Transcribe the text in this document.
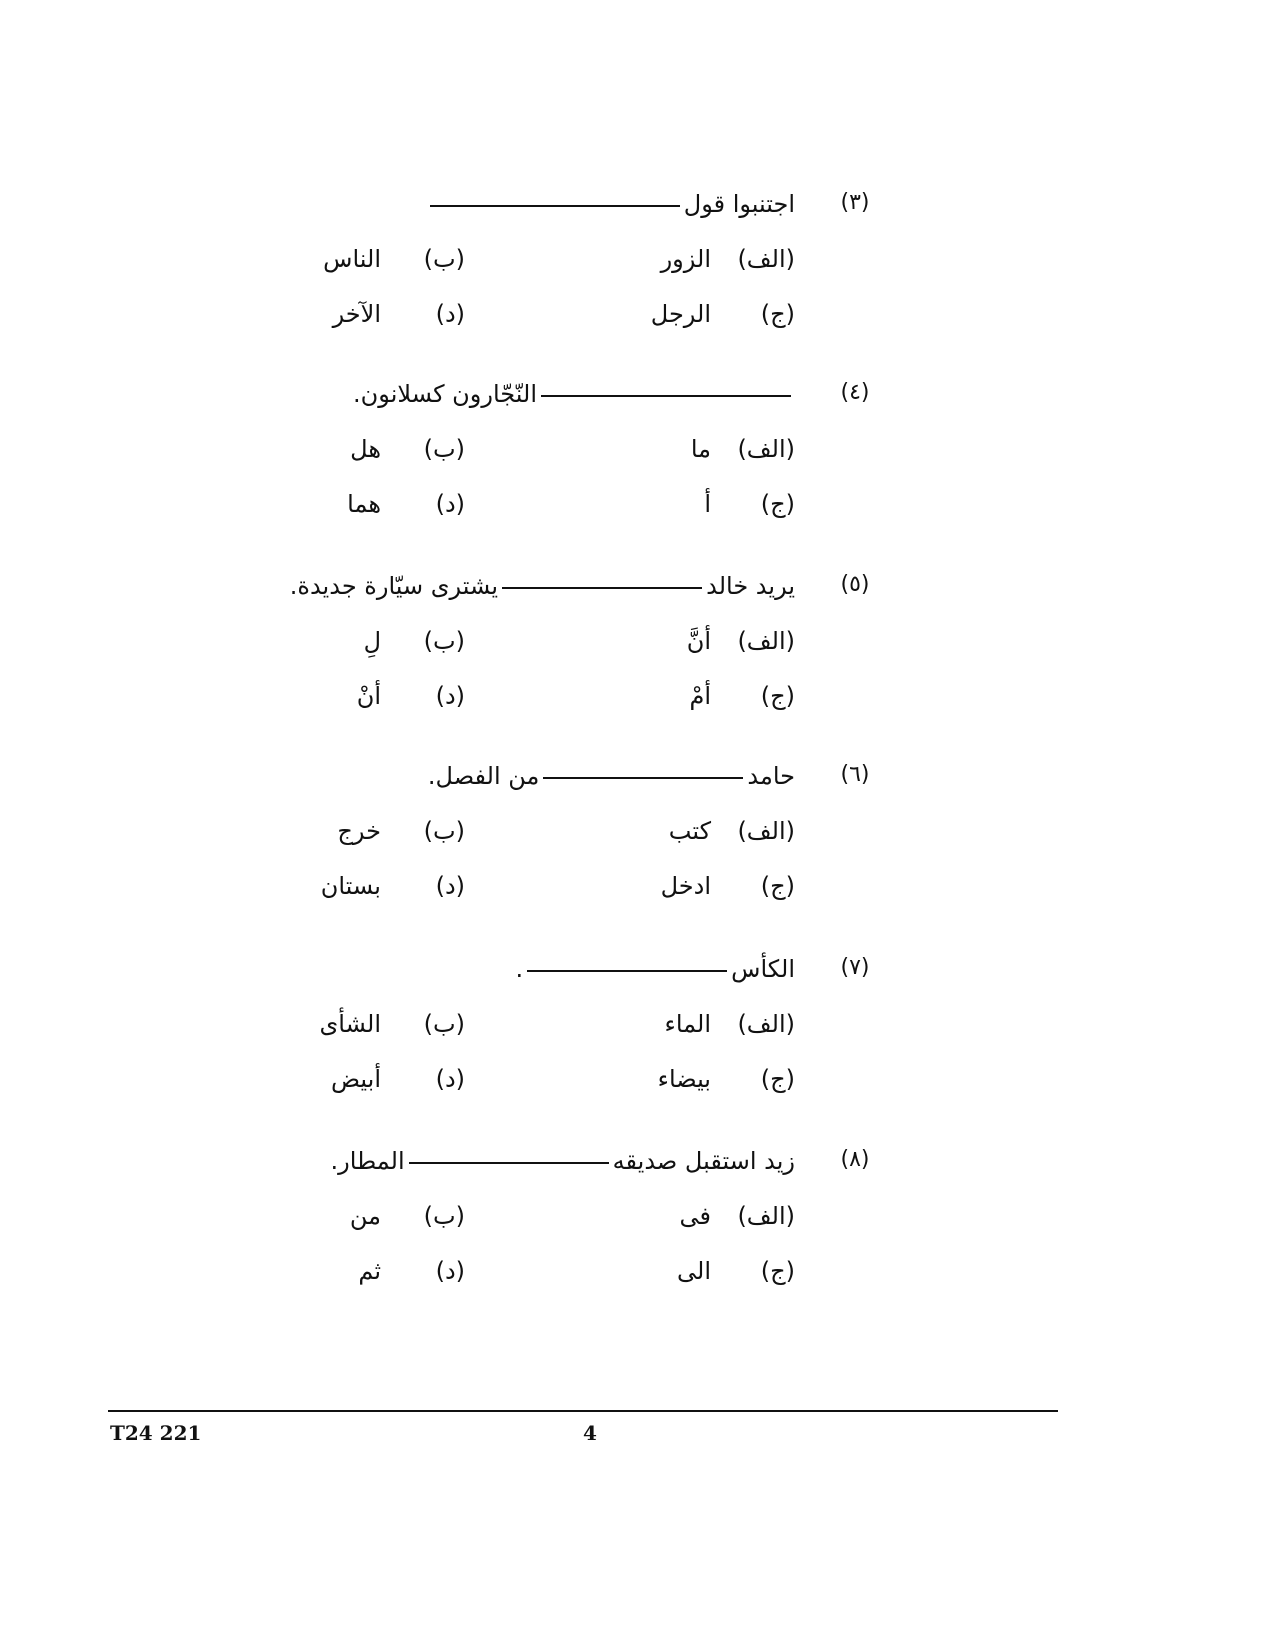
(٣)
اجتنبوا قول
(الف)الزور
(ب)الناس
(ج)الرجل
(د)الآخر
(٤)
النّجّارون كسلانون.
(الف)ما
(ب)هل
(ج)أ
(د)هما
(٥)
يريد خالديشترى سيّارة جديدة.
(الف)أنَّ
(ب)لِ
(ج)أمْ
(د)أنْ
(٦)
حامدمن الفصل.
(الف)كتب
(ب)خرج
(ج)ادخل
(د)بستان
(٧)
الكأس.
(الف)الماء
(ب)الشأى
(ج)بيضاء
(د)أبيض
(٨)
زيد استقبل صديقهالمطار.
(الف)فى
(ب)من
(ج)الى
(د)ثم
T24 221	4
